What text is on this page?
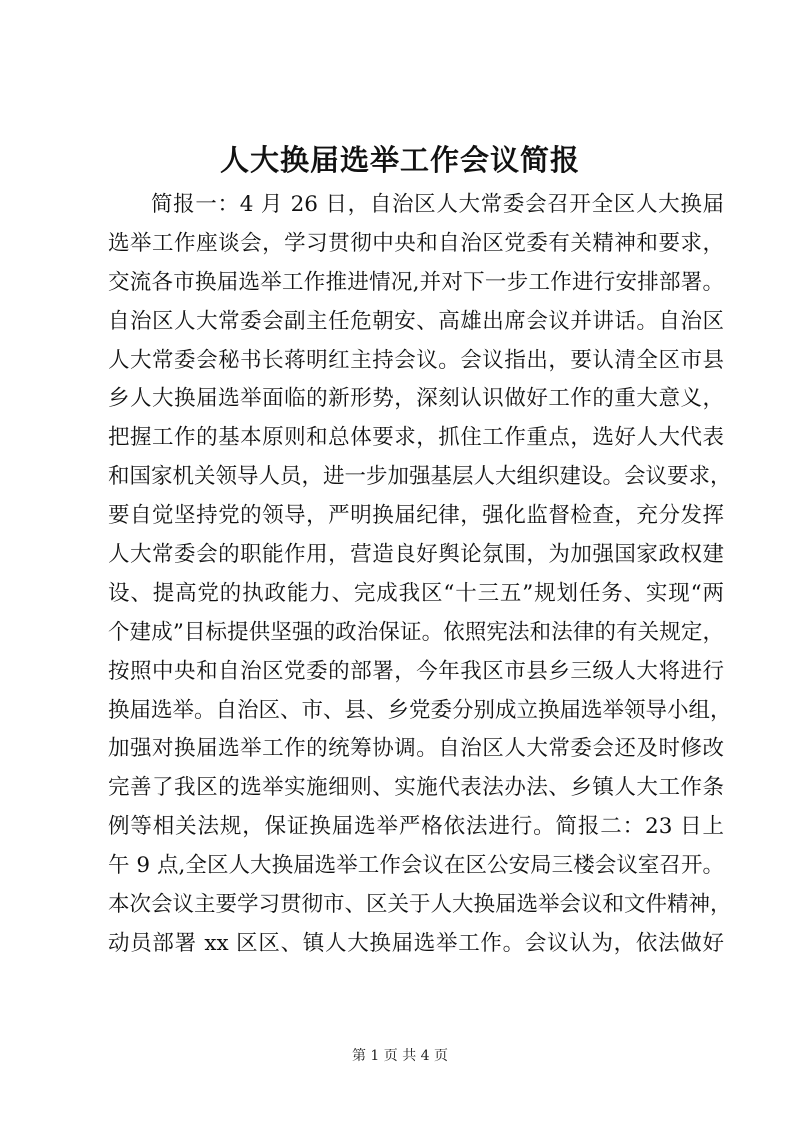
人大换届选举工作会议简报
简报一：4 月 26 日，自治区人大常委会召开全区人大换届
选举工作座谈会，学习贯彻中央和自治区党委有关精神和要求，
交流各市换届选举工作推进情况,并对下一步工作进行安排部署。
自治区人大常委会副主任危朝安、高雄出席会议并讲话。自治区
人大常委会秘书长蒋明红主持会议。会议指出，要认清全区市县
乡人大换届选举面临的新形势，深刻认识做好工作的重大意义，
把握工作的基本原则和总体要求，抓住工作重点，选好人大代表
和国家机关领导人员，进一步加强基层人大组织建设。会议要求，
要自觉坚持党的领导，严明换届纪律，强化监督检查，充分发挥
人大常委会的职能作用，营造良好舆论氛围，为加强国家政权建
设、提高党的执政能力、完成我区“十三五”规划任务、实现“两
个建成”目标提供坚强的政治保证。依照宪法和法律的有关规定，
按照中央和自治区党委的部署，今年我区市县乡三级人大将进行
换届选举。自治区、市、县、乡党委分别成立换届选举领导小组，
加强对换届选举工作的统筹协调。自治区人大常委会还及时修改
完善了我区的选举实施细则、实施代表法办法、乡镇人大工作条
例等相关法规，保证换届选举严格依法进行。简报二：23 日上
午 9 点,全区人大换届选举工作会议在区公安局三楼会议室召开。
本次会议主要学习贯彻市、区关于人大换届选举会议和文件精神，
动员部署 xx 区区、镇人大换届选举工作。会议认为，依法做好
第 1 页 共 4 页
